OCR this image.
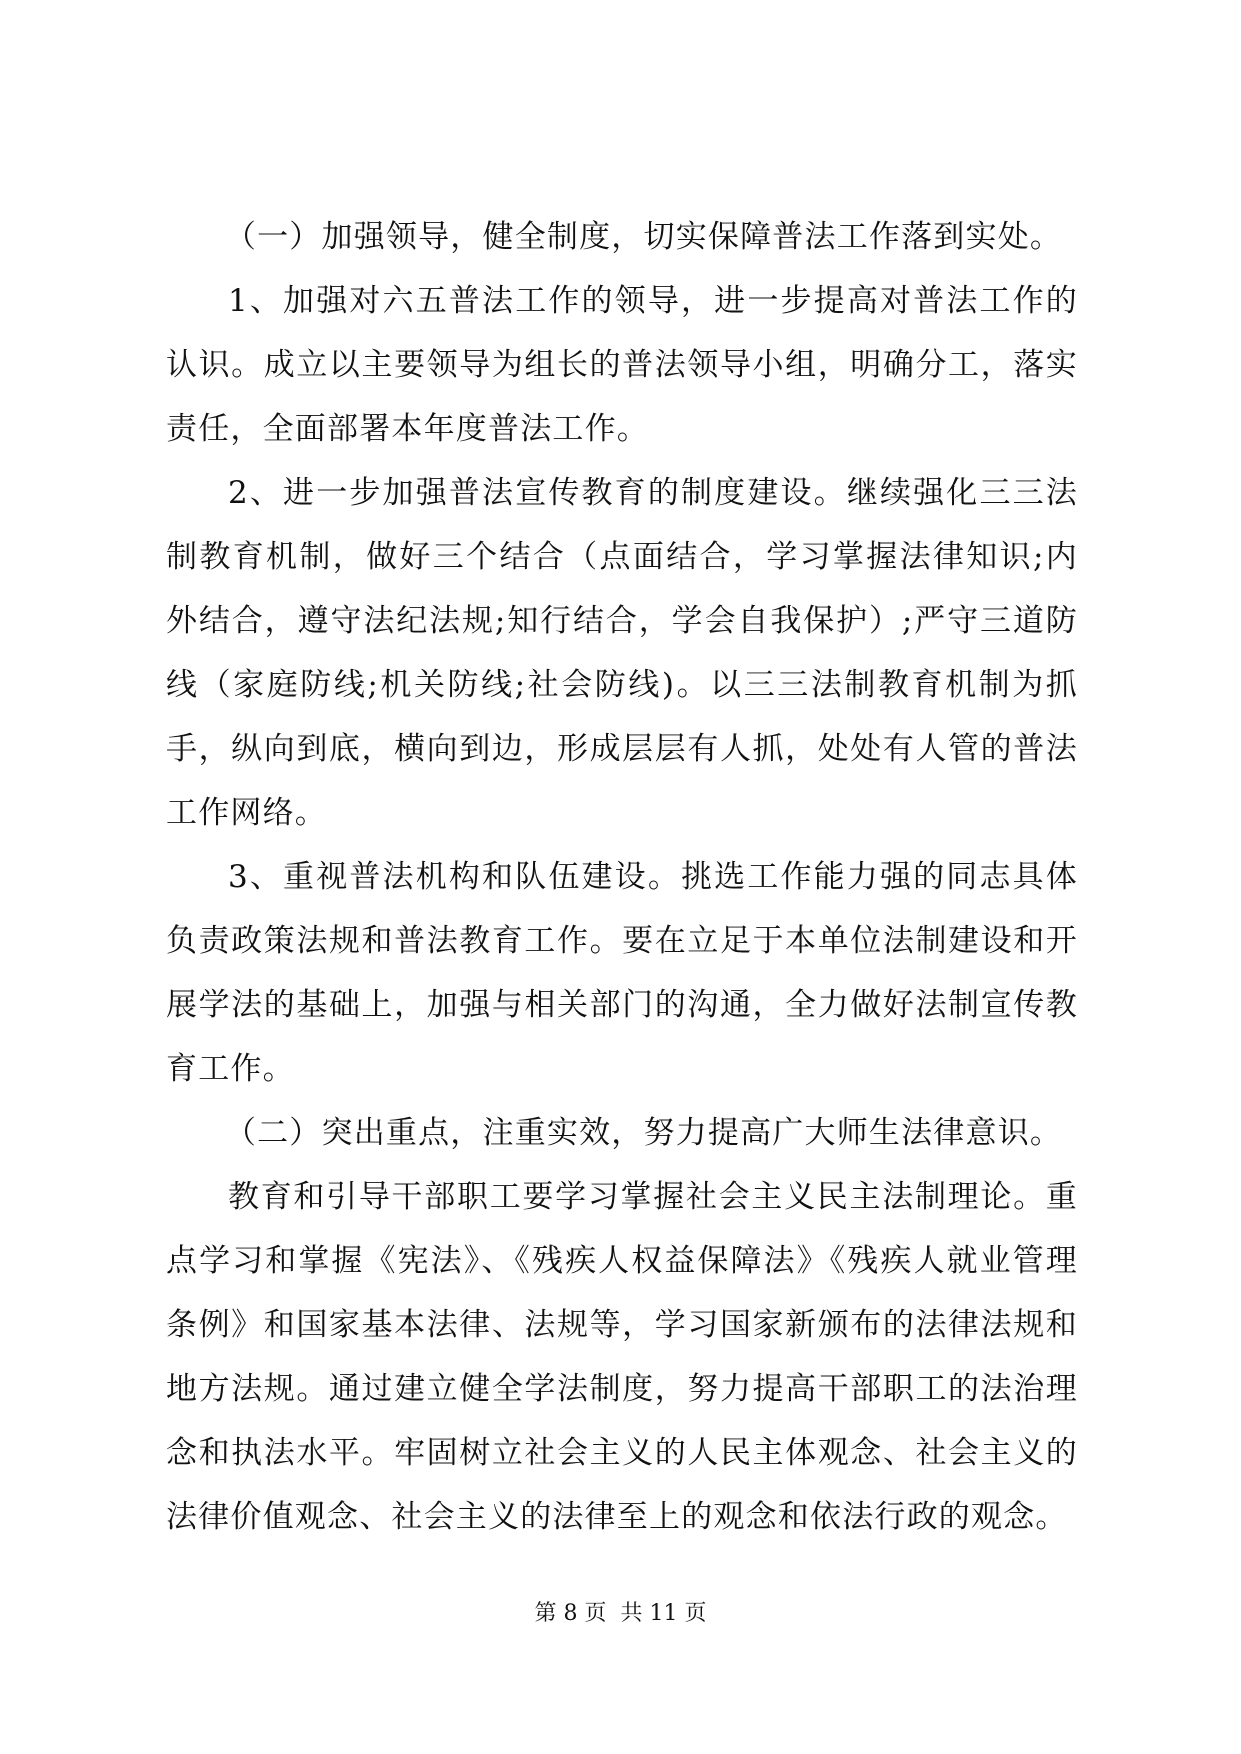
（一）加强领导，健全制度，切实保障普法工作落到实处。

1、加强对六五普法工作的领导，进一步提高对普法工作的认识。成立以主要领导为组长的普法领导小组，明确分工，落实责任，全面部署本年度普法工作。

2、进一步加强普法宣传教育的制度建设。继续强化三三法制教育机制，做好三个结合（点面结合，学习掌握法律知识;内外结合，遵守法纪法规;知行结合，学会自我保护）;严守三道防线（家庭防线;机关防线;社会防线)。以三三法制教育机制为抓手，纵向到底，横向到边，形成层层有人抓，处处有人管的普法工作网络。

3、重视普法机构和队伍建设。挑选工作能力强的同志具体负责政策法规和普法教育工作。要在立足于本单位法制建设和开展学法的基础上，加强与相关部门的沟通，全力做好法制宣传教育工作。

（二）突出重点，注重实效，努力提高广大师生法律意识。

教育和引导干部职工要学习掌握社会主义民主法制理论。重点学习和掌握《宪法》、《残疾人权益保障法》《残疾人就业管理条例》和国家基本法律、法规等，学习国家新颁布的法律法规和地方法规。通过建立健全学法制度，努力提高干部职工的法治理念和执法水平。牢固树立社会主义的人民主体观念、社会主义的法律价值观念、社会主义的法律至上的观念和依法行政的观念。

第 8 页  共 11 页
